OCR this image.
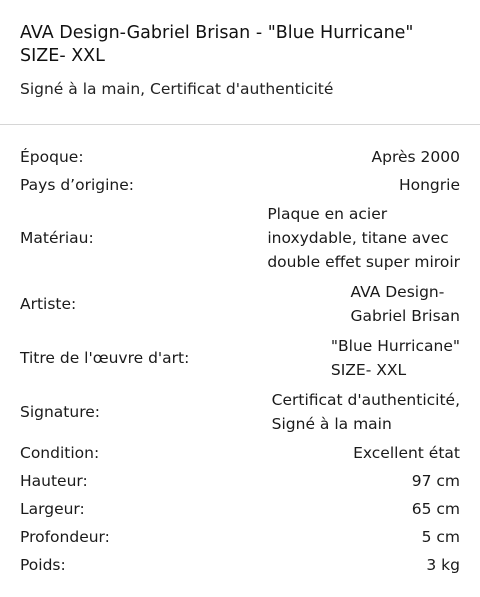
AVA Design-Gabriel Brisan - "Blue Hurricane" SIZE- XXL

Signé à la main, Certificat d'authenticité

Époque:	Après 2000
Pays d’origine:	Hongrie
Matériau:
Plaque en acier
inoxydable, titane avec
double effet super miroir
Artiste:
AVA Design-
Gabriel Brisan
Titre de l'œuvre d'art:
"Blue Hurricane"
SIZE- XXL
Signature:
Certificat d'authenticité,
Signé à la main
Condition:	Excellent état
Hauteur:	97 cm
Largeur:	65 cm
Profondeur:	5 cm
Poids:	3 kg
